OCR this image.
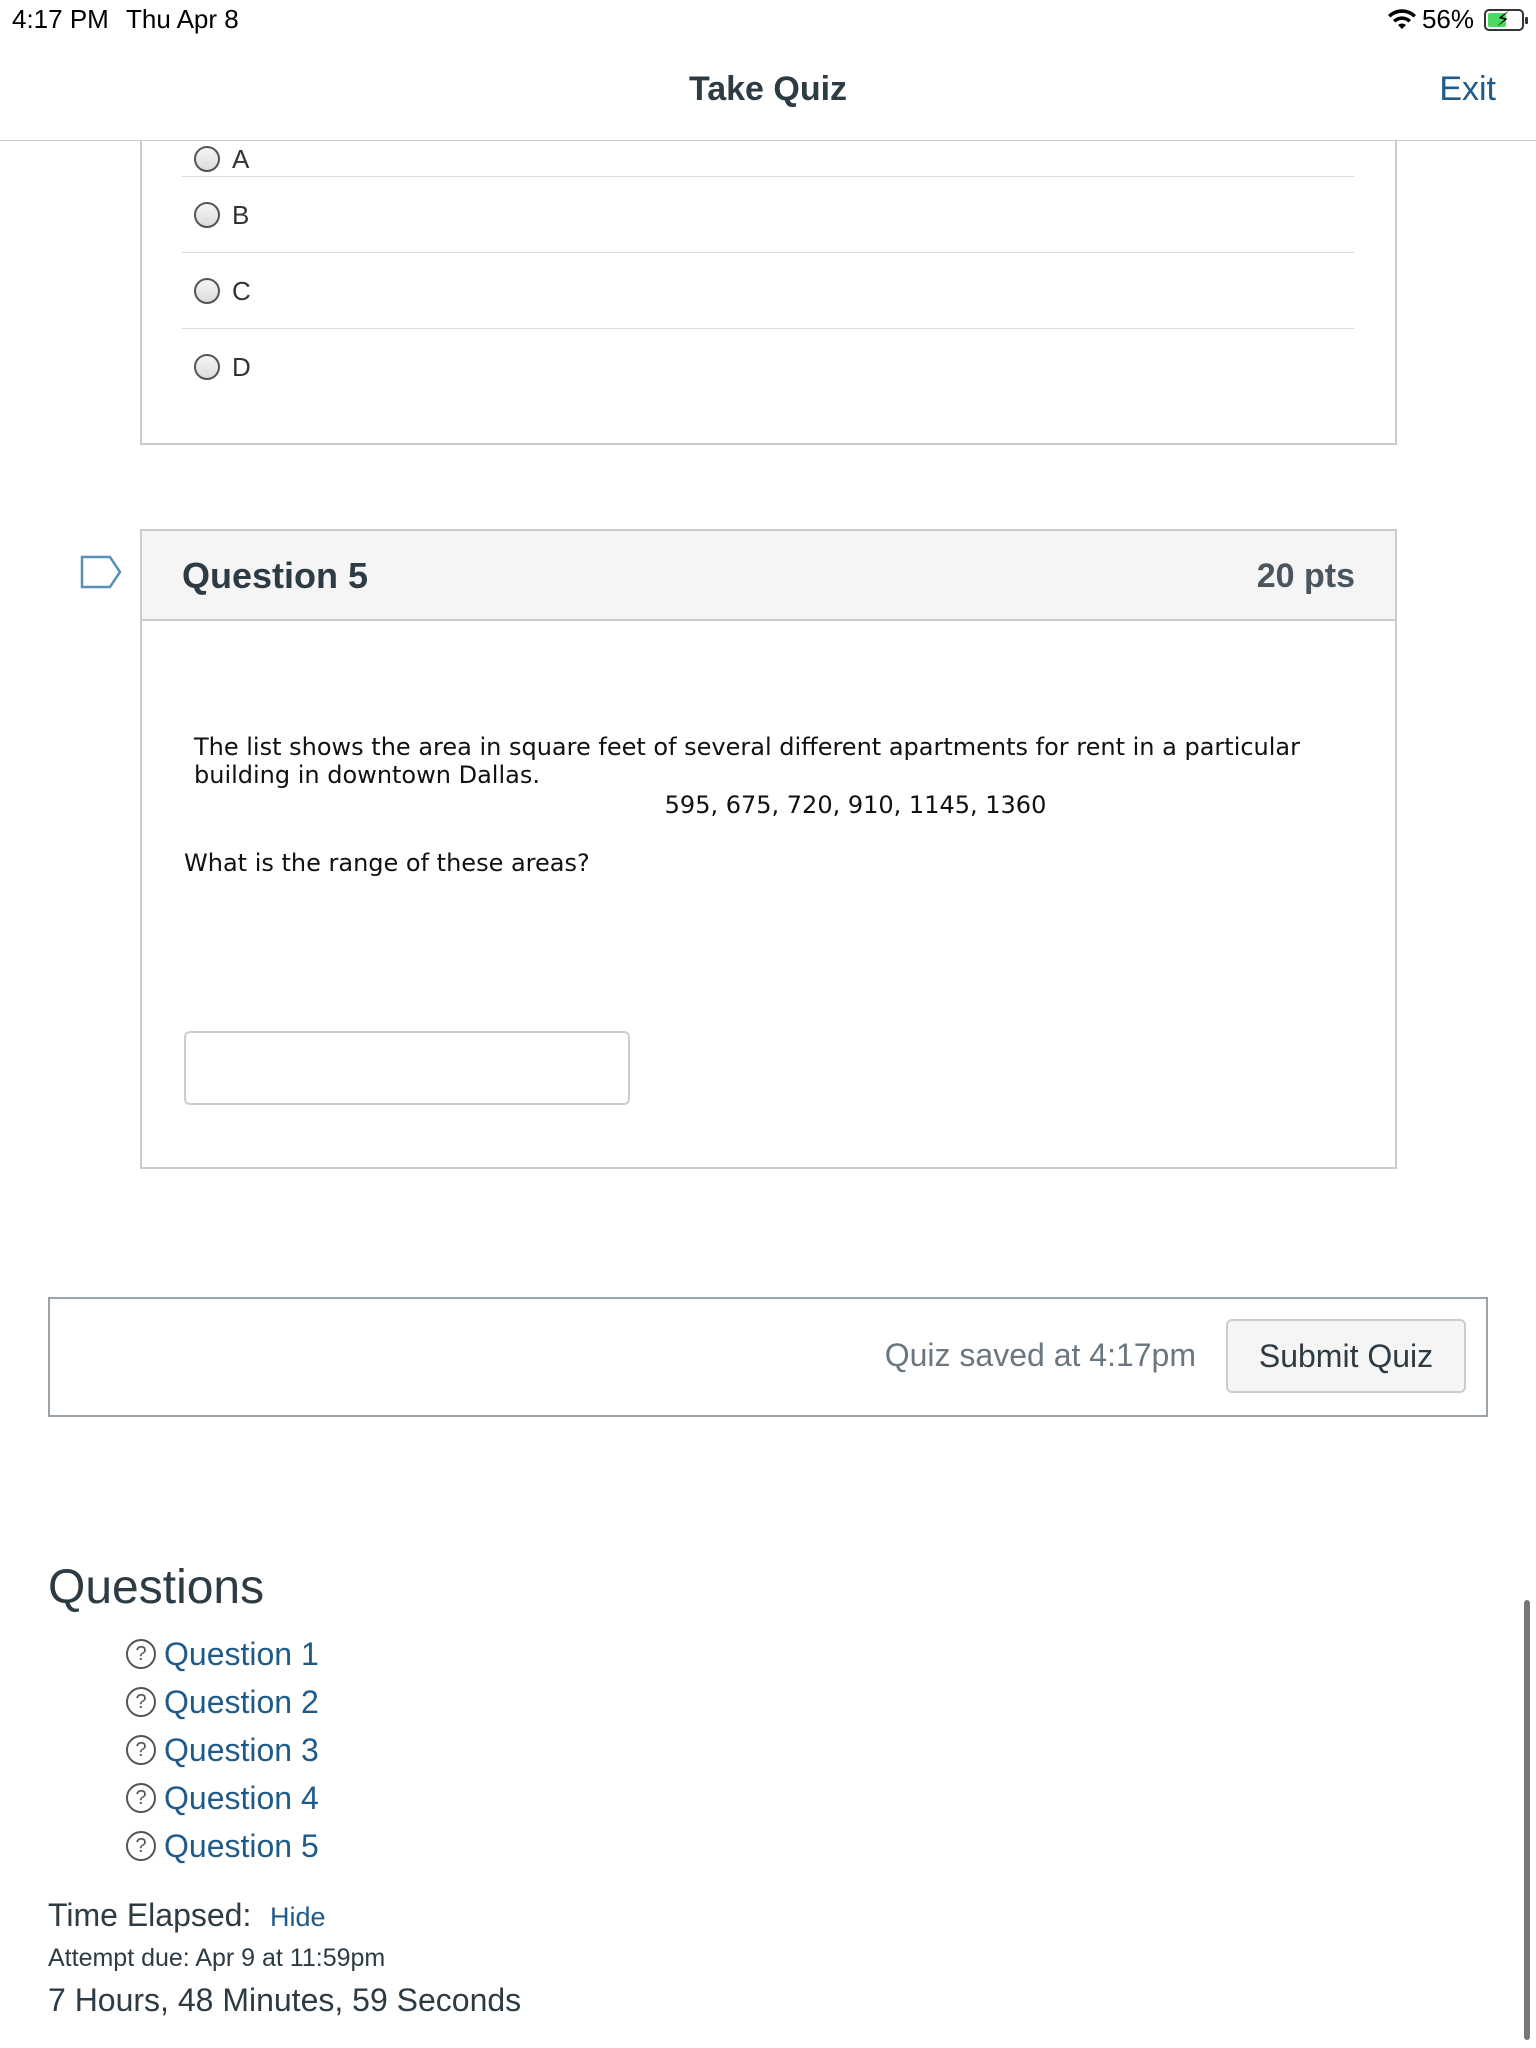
4:17 PM Thu Apr 8	56% ⚡
Take Quiz	Exit
A
B
C
D
Question 5	20 pts
The list shows the area in square feet of several different apartments for rent in a particular building in downtown Dallas.
595, 675, 720, 910, 1145, 1360
What is the range of these areas?
Quiz saved at 4:17pm	Submit Quiz
Questions
? Question 1
? Question 2
? Question 3
? Question 4
? Question 5
Time Elapsed: Hide
Attempt due: Apr 9 at 11:59pm
7 Hours, 48 Minutes, 59 Seconds
